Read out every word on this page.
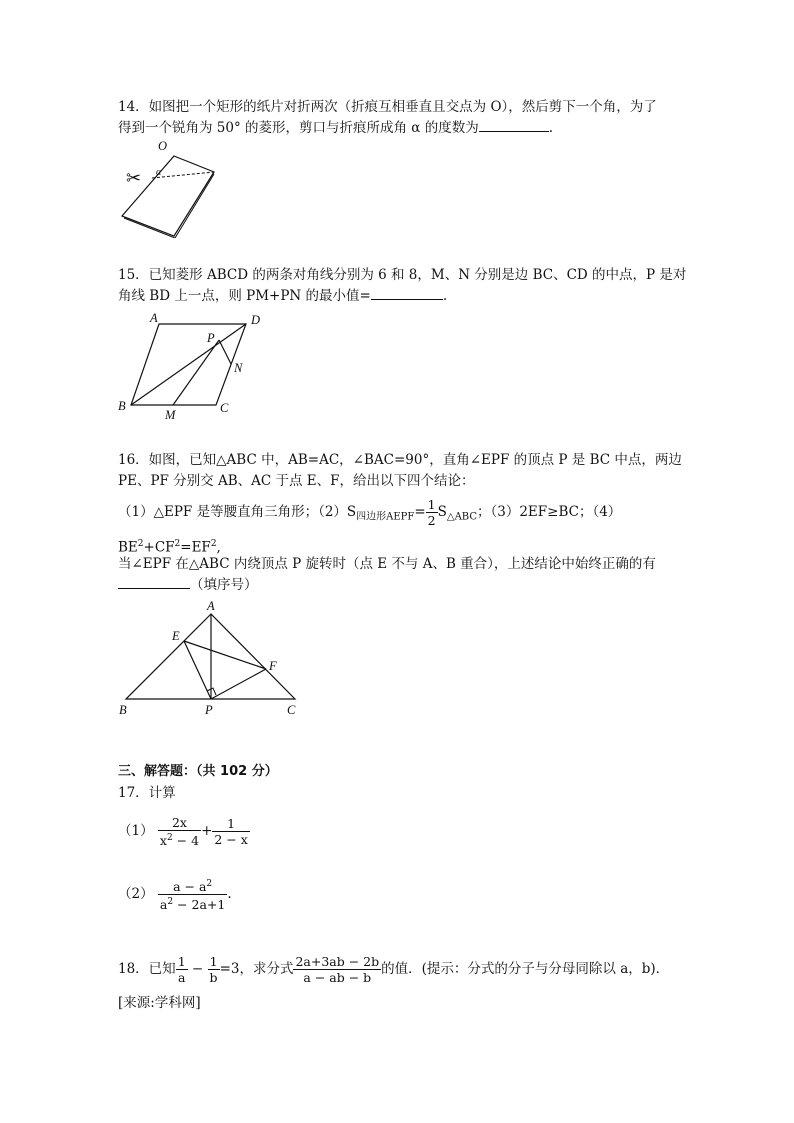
14．如图把一个矩形的纸片对折两次（折痕互相垂直且交点为 O），然后剪下一个角，为了
得到一个锐角为 50° 的菱形，剪口与折痕所成角 α 的度数为	.
O
α
✂
15．已知菱形 ABCD 的两条对角线分别为 6 和 8，M、N 分别是边 BC、CD 的中点，P 是对
角线 BD 上一点，则 PM+PN 的最小值=	.
A	D
B	C
P
N
M
16．如图，已知△ABC 中，AB=AC，∠BAC=90°，直角∠EPF 的顶点 P 是 BC 中点，两边
PE、PF 分别交 AB、AC 于点 E、F，给出以下四个结论：
（1）△EPF 是等腰直角三角形；$(2)S_{四边形AEPF}= \frac{1}{2} S_{\triangle ABC}$；（3）2EF≥BC；（4）
$BE^2+CF^2=EF^2$,
当∠EPF 在△ABC 内绕顶点 P 旋转时（点 E 不与 A、B 重合），上述结论中始终正确的有
（填序号）
A
E
F
B	P	C
三、解答题：（共 102 分）
17．计算
$(1) \frac{2x}{x^2 - 4} + \frac{1}{2 - x}$
$(2) \frac{a - a^2}{a^2 - 2a+1}$ .
18．已知 $\frac{1}{a} - \frac{1}{b} =3$，求分式 $\frac{2a+3ab - 2b}{a - ab - b}$ 的值．(提示：分式的分子与分母同除以 a，b)．
[来源:学科网]
